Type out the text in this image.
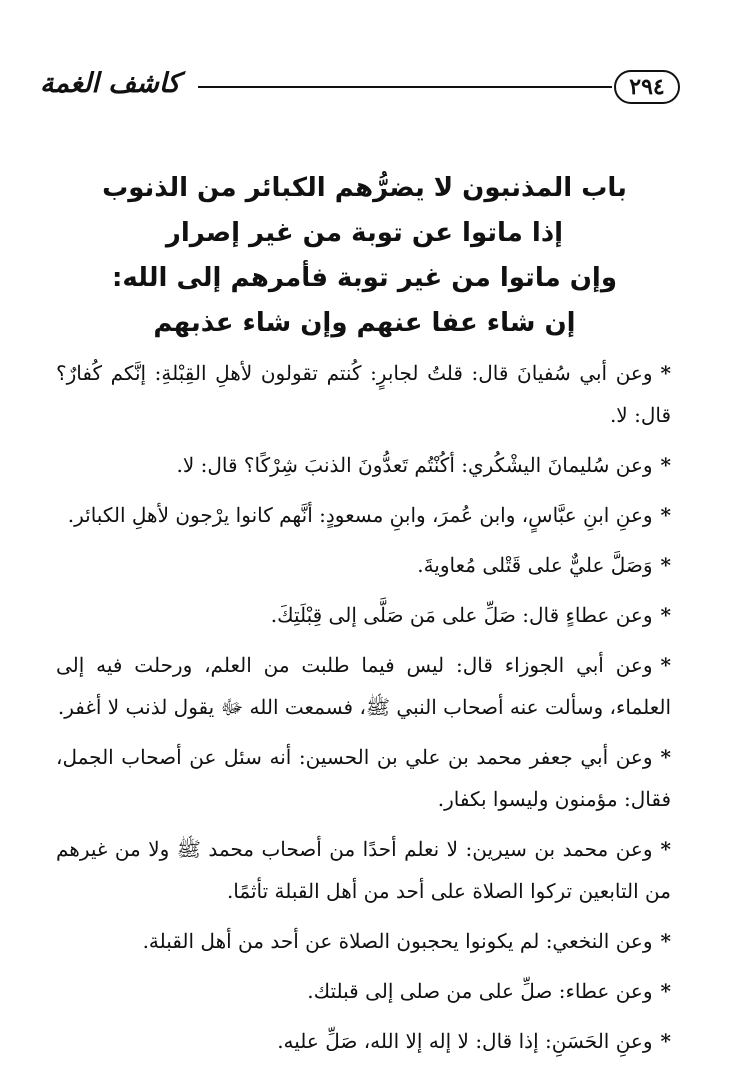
٢٩٤
كاشف الغمة
باب المذنبون لا يضرُّهم الكبائر من الذنوب
إذا ماتوا عن توبة من غير إصرار
وإن ماتوا من غير توبة فأمرهم إلى الله:
إن شاء عفا عنهم وإن شاء عذبهم
*وعن أبي سُفيانَ قال: قلتُ لجابرٍ: كُنتم تقولون لأهلِ القِبْلةِ: إنَّكم كُفارٌ؟ قال: لا.
*وعن سُليمانَ اليشْكُري: أكُنْتُم تَعدُّونَ الذنبَ شِرْكًا؟ قال: لا.
*وعنِ ابنِ عبَّاسٍ، وابن عُمرَ، وابنِ مسعودٍ: أنَّهم كانوا يرْجون لأهلِ الكبائر.
*وَصَلَّ عليٌّ على قَتْلى مُعاويةَ.
*وعن عطاءٍ قال: صَلِّ على مَن صَلَّى إلى قِبْلَتِكَ.
*وعن أبي الجوزاء قال: ليس فيما طلبت من العلم، ورحلت فيه إلى العلماء، وسألت عنه أصحاب النبي ﷺ، فسمعت الله ﷻ يقول لذنب لا أغفر.
*وعن أبي جعفر محمد بن علي بن الحسين: أنه سئل عن أصحاب الجمل، فقال: مؤمنون وليسوا بكفار.
*وعن محمد بن سيرين: لا نعلم أحدًا من أصحاب محمد ﷺ ولا من غيرهم من التابعين تركوا الصلاة على أحد من أهل القبلة تأثمًا.
*وعن النخعي: لم يكونوا يحجبون الصلاة عن أحد من أهل القبلة.
*وعن عطاء: صلِّ على من صلى إلى قبلتك.
*وعنِ الحَسَنِ: إذا قال: لا إله إلا الله، صَلِّ عليه.
